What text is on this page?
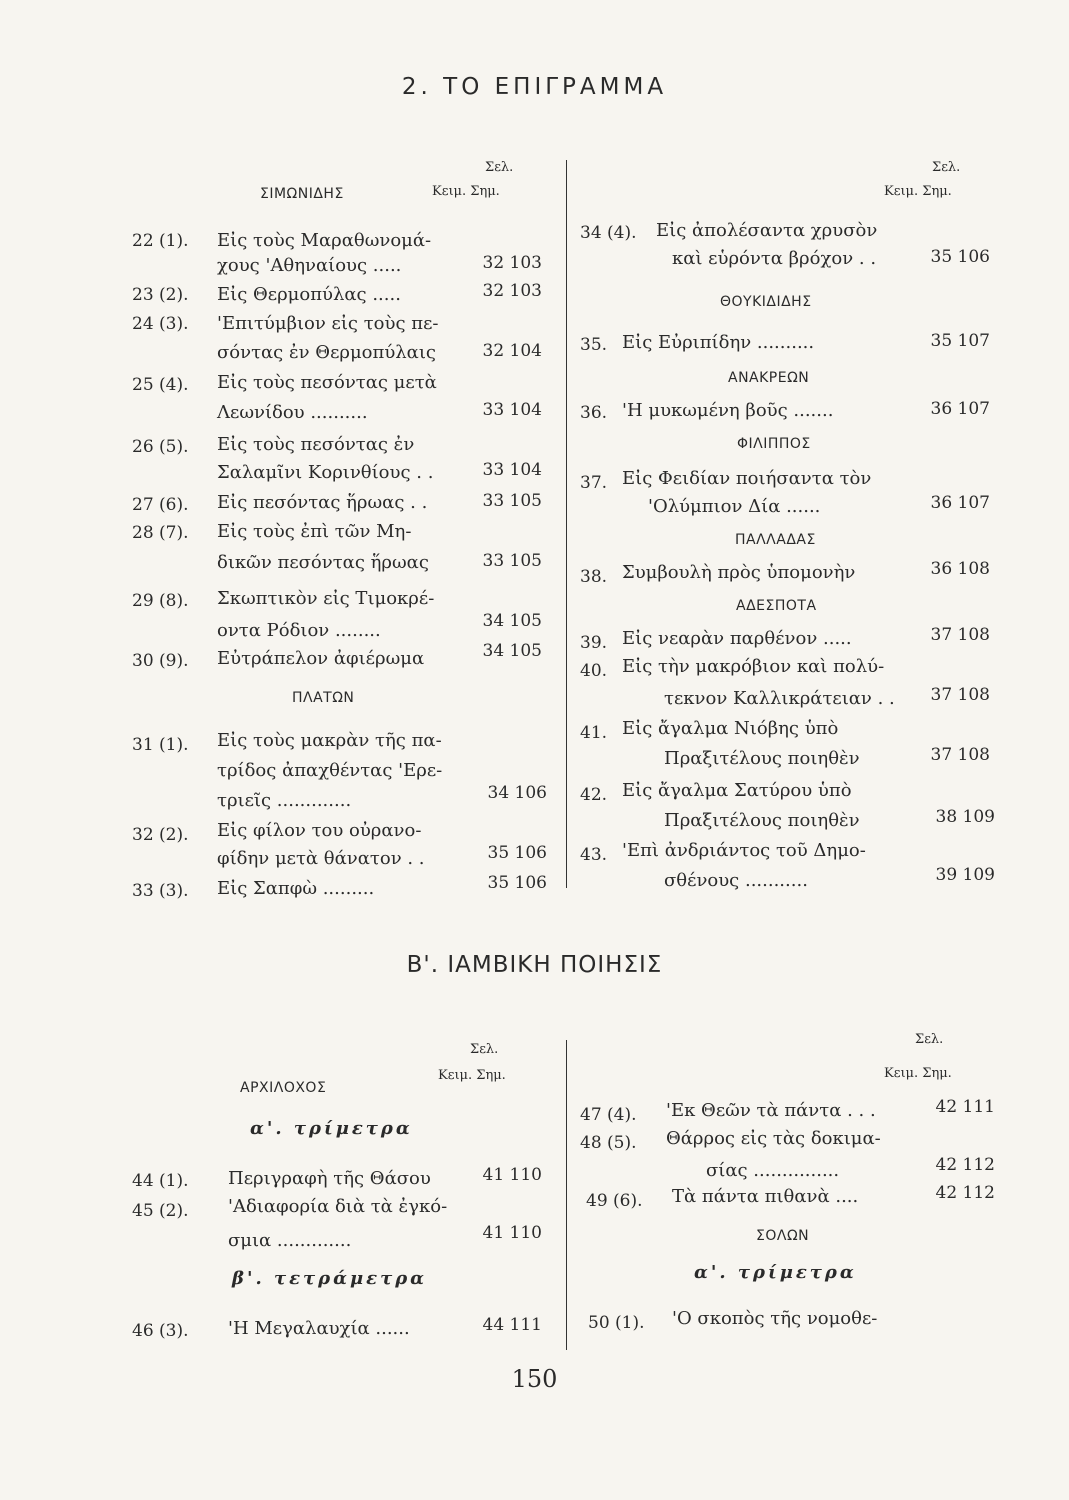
2. ΤΟ ΕΠΙΓΡΑΜΜΑ
Β'. ΙΑΜΒΙΚΗ ΠΟΙΗΣΙΣ
150
Σελ.
Κειμ. Σημ.
ΣΙΜΩΝΙΔΗΣ
22 (1). Εἰς τοὺς Μαραθωνομά-
χους 'Αθηναίους .....	32 103
23 (2). Εἰς Θερμοπύλας .....	32 103
24 (3). 'Επιτύμβιον εἰς τοὺς πε-
σόντας ἐν Θερμοπύλαις	32 104
25 (4). Εἰς τοὺς πεσόντας μετὰ
Λεωνίδου ..........	33 104
26 (5). Εἰς τοὺς πεσόντας ἐν
Σαλαμῖνι Κορινθίους . .	33 104
27 (6). Εἰς πεσόντας ἥρωας . .	33 105
28 (7). Εἰς τοὺς ἐπὶ τῶν Μη-
δικῶν πεσόντας ἥρωας	33 105
29 (8). Σκωπτικὸν εἰς Τιμοκρέ-
οντα Ρόδιον ........	34 105
30 (9). Εὐτράπελον ἀφιέρωμα	34 105
ΠΛΑΤΩΝ
31 (1). Εἰς τοὺς μακρὰν τῆς πα-
τρίδος ἀπαχθέντας 'Ερε-
τριεῖς .............	34 106
32 (2). Εἰς φίλον του οὐρανο-
φίδην μετὰ θάνατον . .	35 106
33 (3). Εἰς Σαπφὼ .........	35 106
Σελ.
Κειμ. Σημ.
34 (4). Εἰς ἀπολέσαντα χρυσὸν
καὶ εὑρόντα βρόχον . .	35 106
ΘΟΥΚΙΔΙΔΗΣ
35. Εἰς Εὐριπίδην ..........	35 107
ΑΝΑΚΡΕΩΝ
36. 'Η μυκωμένη βοῦς .......	36 107
ΦΙΛΙΠΠΟΣ
37. Εἰς Φειδίαν ποιήσαντα τὸν
'Ολύμπιον Δία ......	36 107
ΠΑΛΛΑΔΑΣ
38. Συμβουλὴ πρὸς ὑπομονὴν	36 108
ΑΔΕΣΠΟΤΑ
39. Εἰς νεαρὰν παρθένον .....	37 108
40. Εἰς τὴν μακρόβιον καὶ πολύ-
τεκνον Καλλικράτειαν . .	37 108
41. Εἰς ἄγαλμα Νιόβης ὑπὸ
Πραξιτέλους ποιηθὲν	37 108
42. Εἰς ἄγαλμα Σατύρου ὑπὸ
Πραξιτέλους ποιηθὲν	38 109
43. 'Επὶ ἀνδριάντος τοῦ Δημο-
σθένους ...........	39 109
Σελ.
Κειμ. Σημ.
ΑΡΧΙΛΟΧΟΣ
α'. τρίμετρα
44 (1). Περιγραφὴ τῆς Θάσου	41 110
45 (2). 'Αδιαφορία διὰ τὰ ἐγκό-
σμια .............	41 110
β'. τετράμετρα
46 (3). 'Η Μεγαλαυχία ......	44 111
Σελ.
Κειμ. Σημ.
47 (4). 'Εκ Θεῶν τὰ πάντα . . .	42 111
48 (5). Θάρρος εἰς τὰς δοκιμα-
σίας ...............	42 112
49 (6). Τὰ πάντα πιθανὰ ....	42 112
ΣΟΛΩΝ
α'. τρίμετρα
50 (1). 'Ο σκοπὸς τῆς νομοθε-
